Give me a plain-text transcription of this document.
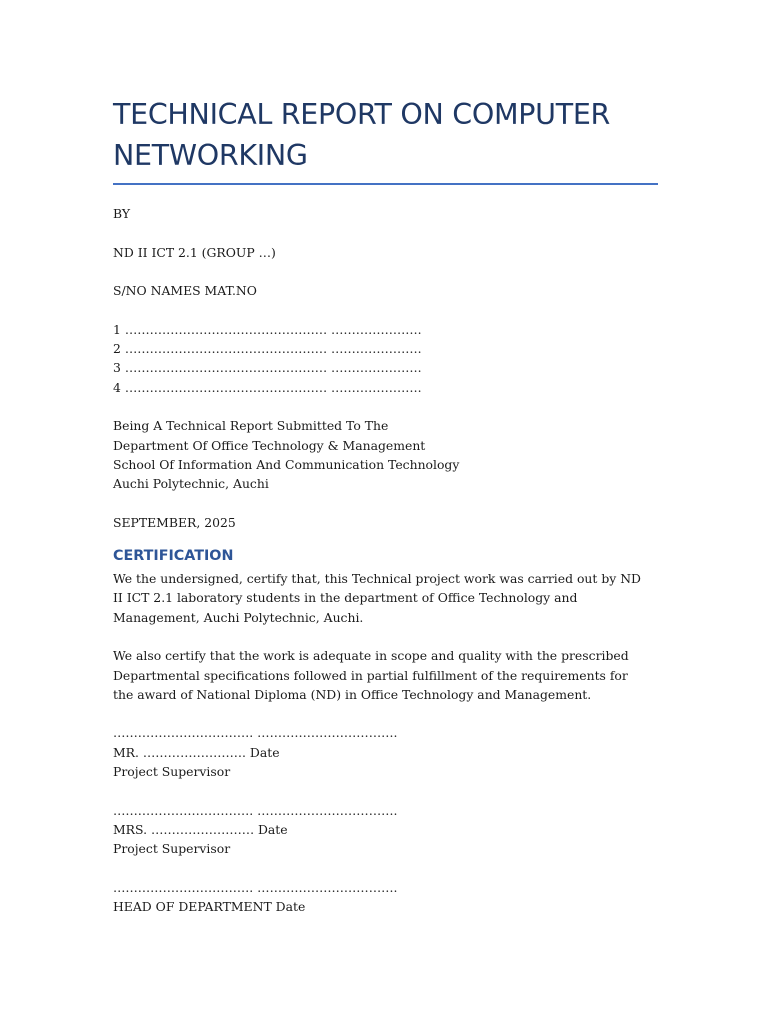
TECHNICAL REPORT ON COMPUTER NETWORKING

BY

ND II ICT 2.1 (GROUP …)

S/NO NAMES MAT.NO

1 …………………………………………. ………………….

2 …………………………………………. ………………….

3 …………………………………………. ………………….

4 …………………………………………. ………………….

Being A Technical Report Submitted To The

Department Of Office Technology & Management

School Of Information And Communication Technology

Auchi Polytechnic, Auchi

SEPTEMBER, 2025

CERTIFICATION

We the undersigned, certify that, this Technical project work was carried out by ND II ICT 2.1 laboratory students in the department of Office Technology and Management, Auchi Polytechnic, Auchi.

We also certify that the work is adequate in scope and quality with the prescribed Departmental specifications followed in partial fulfillment of the requirements for the award of National Diploma (ND) in Office Technology and Management.

……………………………. …………………………….

MR. ……………………. Date

Project Supervisor

……………………………. …………………………….

MRS. ……………………. Date

Project Supervisor

……………………………. …………………………….

HEAD OF DEPARTMENT Date
